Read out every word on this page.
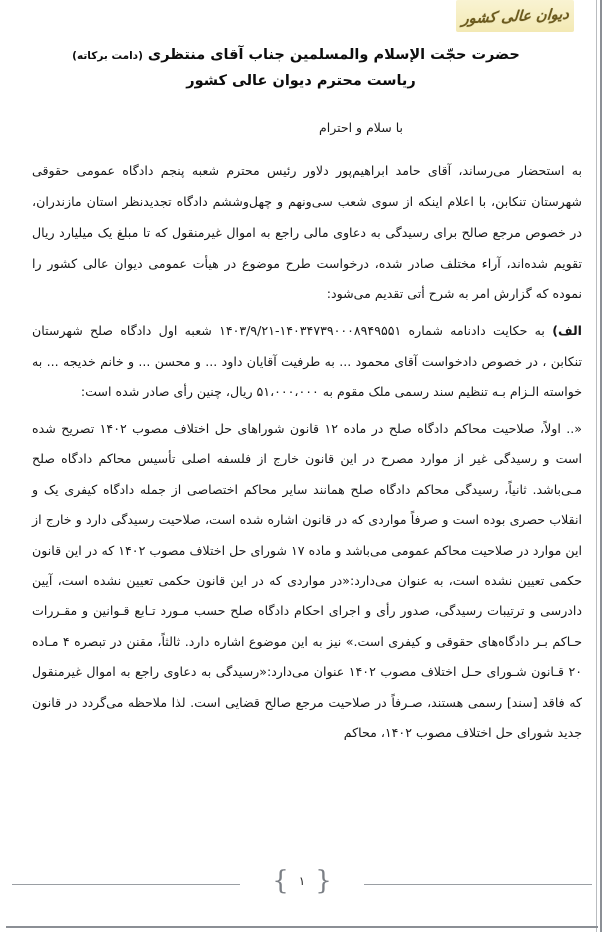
دیوان عالی کشور
حضرت حجّت الإسلام والمسلمین جناب آقای منتظری (دامت برکاته)
ریاست محترم دیوان عالی کشور
با سلام و احترام

به استحضار می‌رساند، آقای حامد ابراهیم‌پور دلاور رئیس محترم شعبه پنجم دادگاه عمومی حقوقی شهرستان تنکابن، با اعلام اینکه از سوی شعب سی‌ونهم و چهل‌وششم دادگاه تجدیدنظر استان مازندران، در خصوص مرجع صالح برای رسیدگی به دعاوی مالی راجع به اموال غیرمنقول که تا مبلغ یک میلیارد ریال تقویم شده‌اند، آراء مختلف صادر شده، درخواست طرح موضوع در هیأت عمومی دیوان عالی کشور را نموده که گزارش امر به شرح أتی تقدیم می‌شود:

الف) به حکایت دادنامه شماره ۱۴۰۳۴۷۳۹۰۰۰۸۹۴۹۵۵۱-۱۴۰۳/۹/۲۱ شعبه اول دادگاه صلح شهرستان تنکابن ، در خصوص دادخواست آقای محمود ... به طرفیت آقایان داود ... و محسن ... و خانم خدیجه ... به خواسته الـزام بـه تنظیم سند رسمی ملک مقوم به ۵۱،۰۰۰،۰۰۰ ریال، چنین رأی صادر شده است:

«.. اولاً، صلاحیت محاکم دادگاه صلح در ماده ۱۲ قانون شوراهای حل اختلاف مصوب ۱۴۰۲ تصریح شده است و رسیدگی غیر از موارد مصرح در این قانون خارج از فلسفه اصلی تأسیس محاکم دادگاه صلح مـی‌باشد. ثانیاً، رسیدگی محاکم دادگاه صلح همانند سایر محاکم اختصاصی از جمله دادگاه کیفری یک و انقلاب حصری بوده است و صرفاً مواردی که در قانون اشاره شده است، صلاحیت رسیدگی دارد و خارج از این موارد در صلاحیت محاکم عمومی می‌باشد و ماده ۱۷ شورای حل اختلاف مصوب ۱۴۰۲ که در این قانون حکمی تعیین نشده است، به عنوان می‌دارد:«در مواردی که در این قانون حکمی تعیین نشده است، آیین دادرسی و ترتیبات رسیدگی، صدور رأی و اجرای احکام دادگاه صلح حسب مـورد تـابع قـوانین و مقـررات حـاکم بـر دادگاه‌های حقوقی و کیفری است.» نیز به این موضوع اشاره دارد. ثالثاً، مقنن در تبصره ۴ مـاده ۲۰ قـانون شـورای حـل اختلاف مصوب ۱۴۰۲ عنوان می‌دارد:«رسیدگی به دعاوی راجع به اموال غیرمنقول که فاقد [سند] رسمی هستند، صـرفاً در صلاحیت مرجع صالح قضایی است. لذا ملاحظه می‌گردد در قانون جدید شورای حل اختلاف مصوب ۱۴۰۲، محاکم

{
۱
}
